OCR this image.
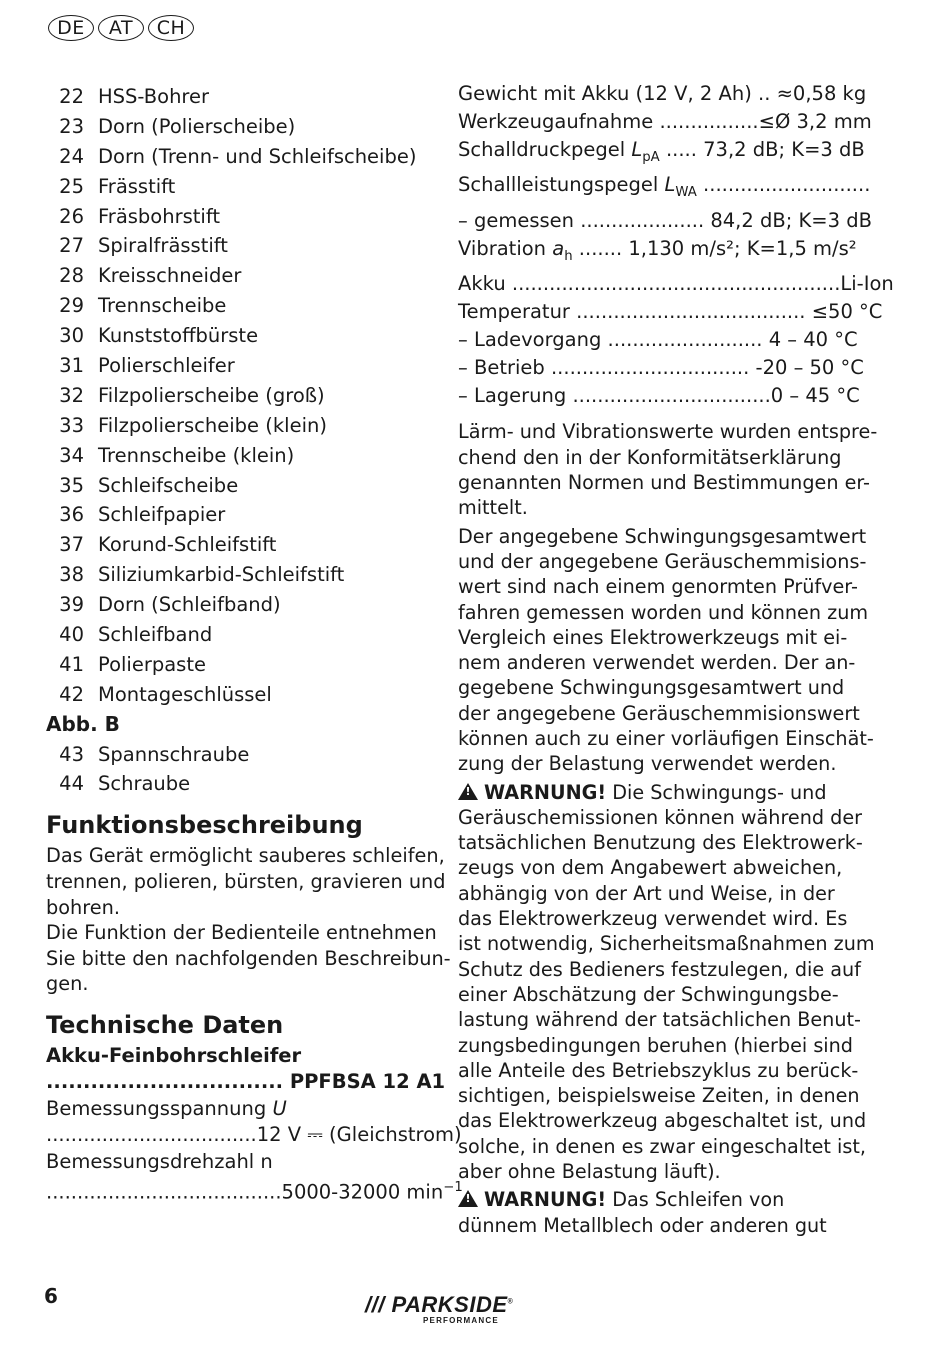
DE	AT	CH
22 HSS-Bohrer
23 Dorn (Polierscheibe)
24 Dorn (Trenn- und Schleifscheibe)
25 Frässtift
26 Fräsbohrstift
27 Spiralfrässtift
28 Kreisschneider
29 Trennscheibe
30 Kunststoffbürste
31 Polierschleifer
32 Filzpolierscheibe (groß)
33 Filzpolierscheibe (klein)
34 Trennscheibe (klein)
35 Schleifscheibe
36 Schleifpapier
37 Korund-Schleifstift
38 Siliziumkarbid-Schleifstift
39 Dorn (Schleifband)
40 Schleifband
41 Polierpaste
42 Montageschlüssel
Abb. B
43 Spannschraube
44 Schraube
Funktionsbeschreibung
Das Gerät ermöglicht sauberes schleifen,
trennen, polieren, bürsten, gravieren und
bohren.
Die Funktion der Bedienteile entnehmen
Sie bitte den nachfolgenden Beschreibun-
gen.
Technische Daten
Akku-Feinbohrschleifer
................................ PPFBSA 12 A1
Bemessungsspannung U
..................................12 V ⎓ (Gleichstrom)
Bemessungsdrehzahl n
......................................5000-32000 $\min^{-1}$
Gewicht mit Akku (12 V, 2 Ah) .. ≈0,58 kg
Werkzeugaufnahme ................≤Ø 3,2 mm
Schalldruckpegel $L_{pA}$ ..... 73,2 dB; K=3 dB
Schallleistungspegel $L_{WA}$ ...........................
– gemessen .................... 84,2 dB; K=3 dB
Vibration $a_h$ ....... 1,130 m/s²; K=1,5 m/s²
Akku .....................................................Li-Ion
Temperatur ..................................... ≤50 °C
– Ladevorgang ......................... 4 – 40 °C
– Betrieb ................................ -20 – 50 °C
– Lagerung ................................0 – 45 °C
Lärm- und Vibrationswerte wurden entspre-
chend den in der Konformitätserklärung
genannten Normen und Bestimmungen er-
mittelt.
Der angegebene Schwingungsgesamtwert
und der angegebene Geräuschemmisions-
wert sind nach einem genormten Prüfver-
fahren gemessen worden und können zum
Vergleich eines Elektrowerkzeugs mit ei-
nem anderen verwendet werden. Der an-
gegebene Schwingungsgesamtwert und
der angegebene Geräuschemmisionswert
können auch zu einer vorläufigen Einschät-
zung der Belastung verwendet werden.
!WARNUNG! Die Schwingungs- und
Geräuschemissionen können während der
tatsächlichen Benutzung des Elektrowerk-
zeugs von dem Angabewert abweichen,
abhängig von der Art und Weise, in der
das Elektrowerkzeug verwendet wird. Es
ist notwendig, Sicherheitsmaßnahmen zum
Schutz des Bedieners festzulegen, die auf
einer Abschätzung der Schwingungsbe-
lastung während der tatsächlichen Benut-
zungsbedingungen beruhen (hierbei sind
alle Anteile des Betriebszyklus zu berück-
sichtigen, beispielsweise Zeiten, in denen
das Elektrowerkzeug abgeschaltet ist, und
solche, in denen es zwar eingeschaltet ist,
aber ohne Belastung läuft).
!WARNUNG! Das Schleifen von
dünnem Metallblech oder anderen gut
6	/// PARKSIDE®
PERFORMANCE
